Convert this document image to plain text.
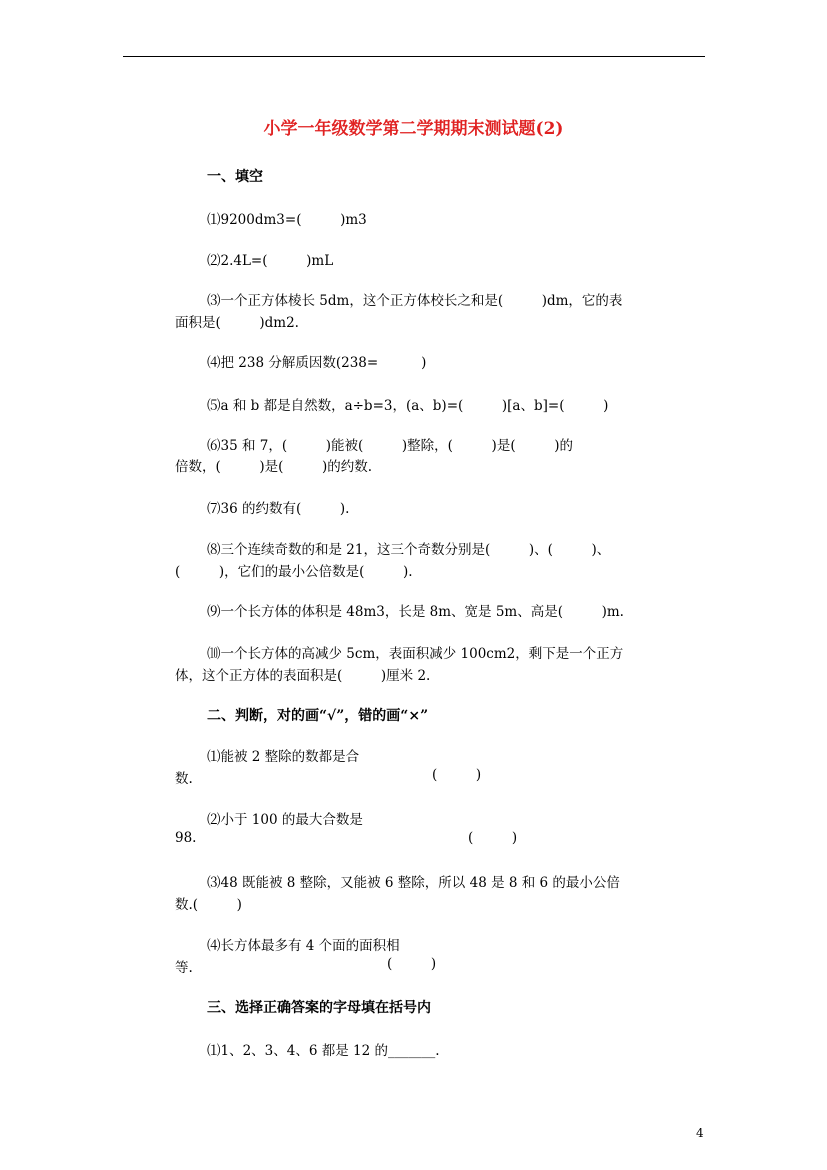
小学一年级数学第二学期期末测试题(2)
一、填空
⑴9200dm3=(         )m3
⑵2.4L=(         )mL
⑶一个正方体棱长 5dm，这个正方体校长之和是(         )dm，它的表
面积是(         )dm2.
⑷把 238 分解质因数(238=          )
⑸a 和 b 都是自然数，a÷b=3，(a、b)=(         )[a、b]=(         )
⑹35 和 7，(         )能被(         )整除，(         )是(         )的
倍数，(         )是(         )的约数.
⑺36 的约数有(         ).
⑻三个连续奇数的和是 21，这三个奇数分别是(         )、(         )、
(         )，它们的最小公倍数是(         ).
⑼一个长方体的体积是 48m3，长是 8m、宽是 5m、高是(         )m.
⑽一个长方体的高减少 5cm，表面积减少 100cm2，剩下是一个正方
体，这个正方体的表面积是(         )厘米 2.
二、判断，对的画“√”，错的画“×”
⑴能被 2 整除的数都是合
数.	(         )
⑵小于 100 的最大合数是
98.	(         )
⑶48 既能被 8 整除，又能被 6 整除，所以 48 是 8 和 6 的最小公倍
数.(         )
⑷长方体最多有 4 个面的面积相
等.	(         )
三、选择正确答案的字母填在括号内
⑴1、2、3、4、6 都是 12 的_______.
4
